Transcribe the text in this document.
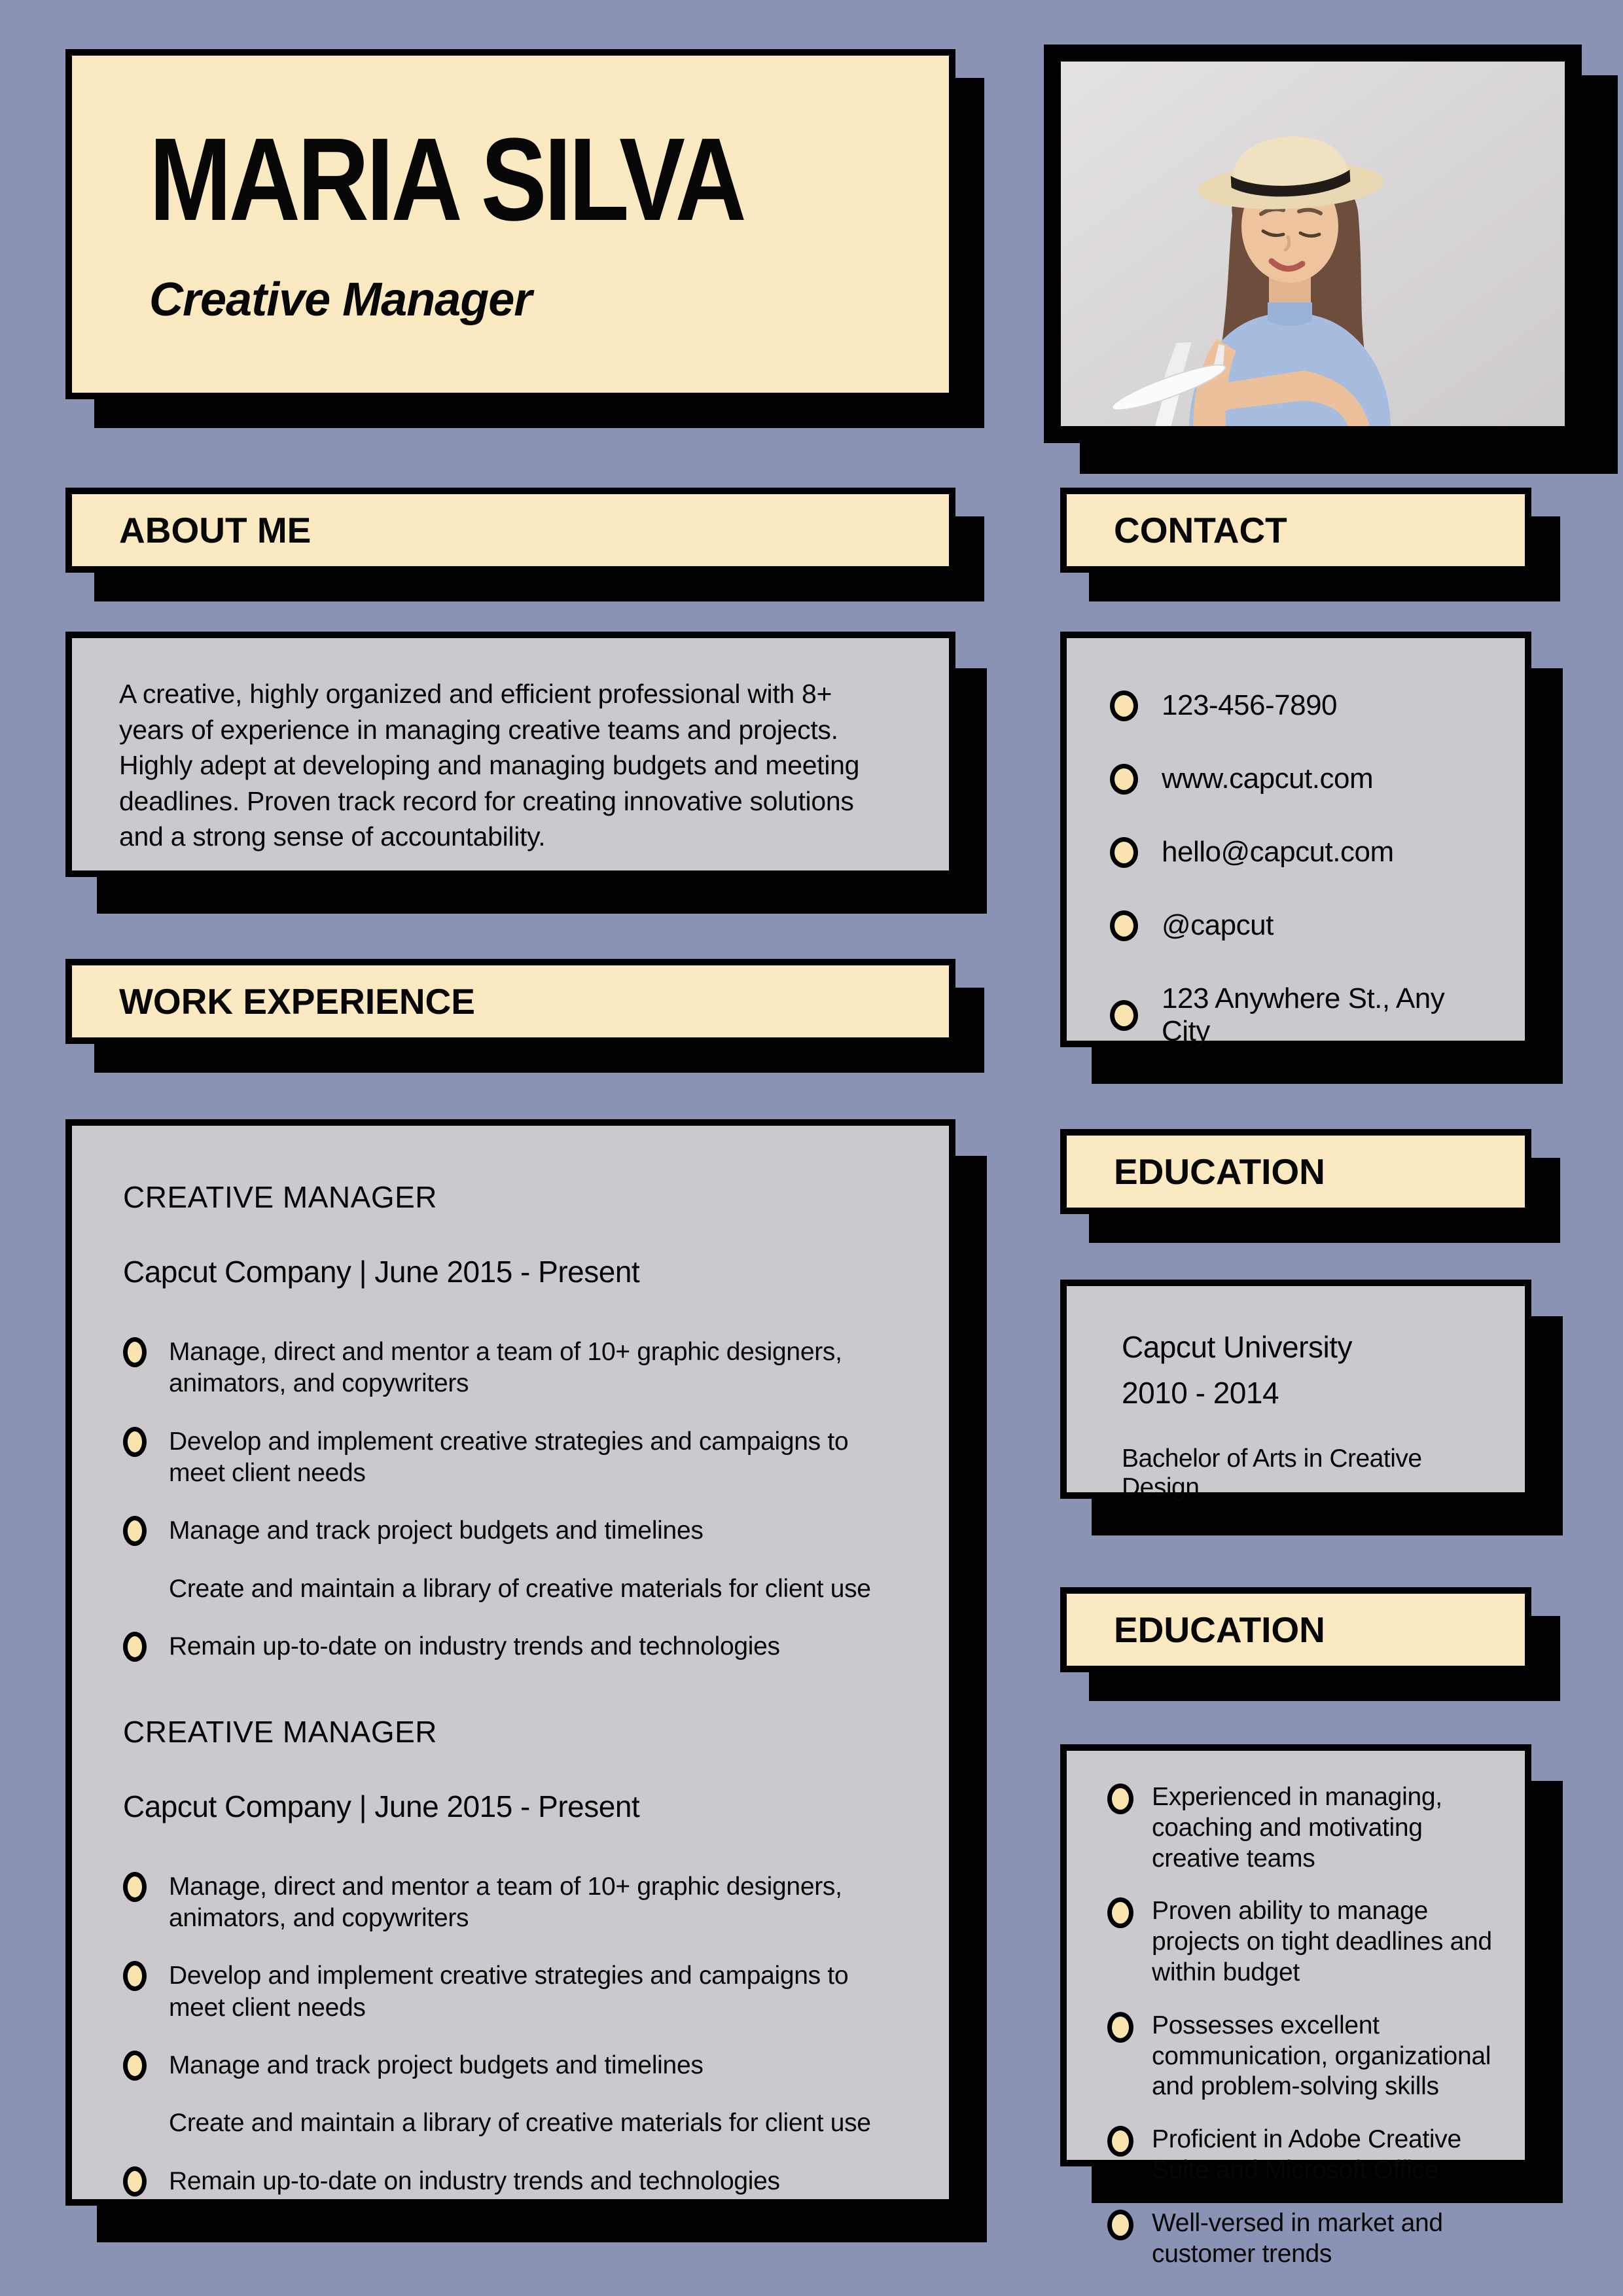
MARIA SILVA
Creative Manager
ABOUT ME
A creative, highly organized and efficient professional with 8+ years of experience in managing creative teams and projects. Highly adept at developing and managing budgets and meeting deadlines. Proven track record for creating innovative solutions and a strong sense of accountability.
WORK EXPERIENCE
CREATIVE MANAGER
Capcut Company | June 2015 - Present
Manage, direct and mentor a team of 10+ graphic designers, animators, and copywriters
Develop and implement creative strategies and campaigns to meet client needs
Manage and track project budgets and timelines
Create and maintain a library of creative materials for client use
Remain up-to-date on industry trends and technologies
CREATIVE MANAGER
Capcut Company | June 2015 - Present
Manage, direct and mentor a team of 10+ graphic designers, animators, and copywriters
Develop and implement creative strategies and campaigns to meet client needs
Manage and track project budgets and timelines
Create and maintain a library of creative materials for client use
Remain up-to-date on industry trends and technologies
CONTACT
123-456-7890
www.capcut.com
hello@capcut.com
@capcut
123 Anywhere St., Any City
EDUCATION
Capcut University
2010 - 2014
Bachelor of Arts in Creative Design
EDUCATION
Experienced in managing, coaching and motivating creative teams
Proven ability to manage projects on tight deadlines and within budget
Possesses excellent communication, organizational and problem-solving skills
Proficient in Adobe Creative Suite and Microsoft Office
Well-versed in market and customer trends
